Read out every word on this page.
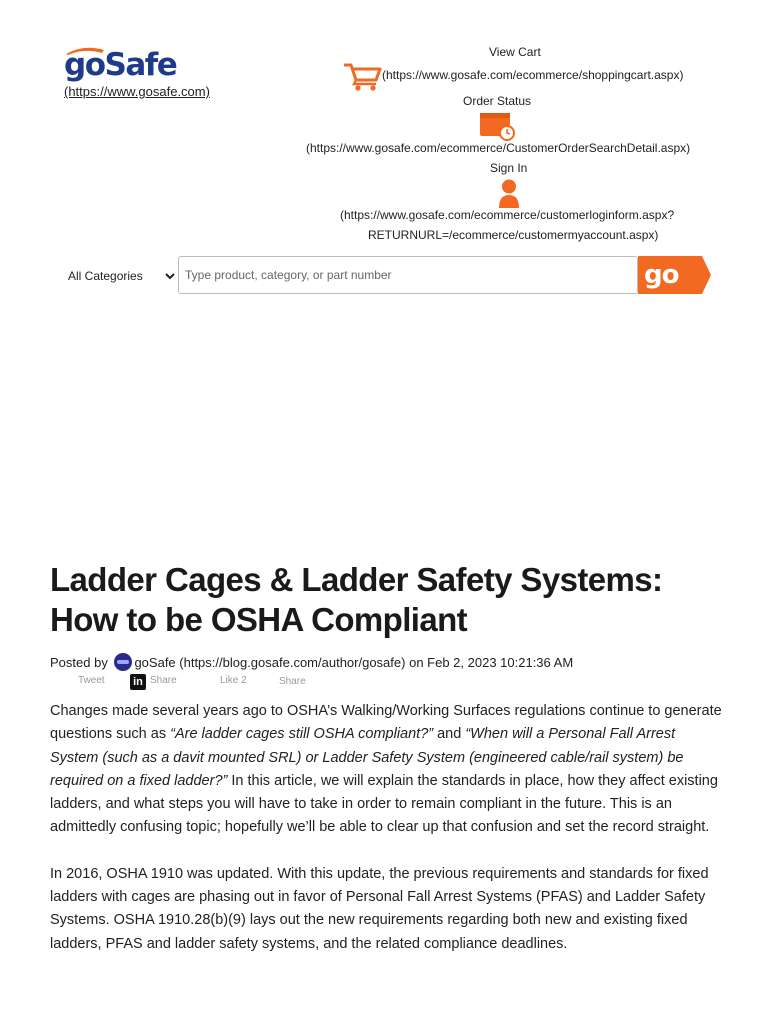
goSafe
(https://www.gosafe.com)
View Cart
(https://www.gosafe.com/ecommerce/shoppingcart.aspx)
Order Status
(https://www.gosafe.com/ecommerce/CustomerOrderSearchDetail.aspx)
Sign In
(https://www.gosafe.com/ecommerce/customerloginform.aspx?
RETURNURL=/ecommerce/customermyaccount.aspx)
All Categories
Type product, category, or part number
go
Ladder Cages & Ladder Safety Systems: How to be OSHA Compliant
Posted by goSafe (https://blog.gosafe.com/author/gosafe) on Feb 2, 2023 10:21:36 AM
Tweet	in Share	Like 2	Share

Changes made several years ago to OSHA’s Walking/Working Surfaces regulations continue to generate questions such as “Are ladder cages still OSHA compliant?” and “When will a Personal Fall Arrest System (such as a davit mounted SRL) or Ladder Safety System (engineered cable/rail system) be required on a fixed ladder?” In this article, we will explain the standards in place, how they affect existing ladders, and what steps you will have to take in order to remain compliant in the future. This is an admittedly confusing topic; hopefully we’ll be able to clear up that confusion and set the record straight.

In 2016, OSHA 1910 was updated. With this update, the previous requirements and standards for fixed ladders with cages are phasing out in favor of Personal Fall Arrest Systems (PFAS) and Ladder Safety Systems. OSHA 1910.28(b)(9) lays out the new requirements regarding both new and existing fixed ladders, PFAS and ladder safety systems, and the related compliance deadlines.
